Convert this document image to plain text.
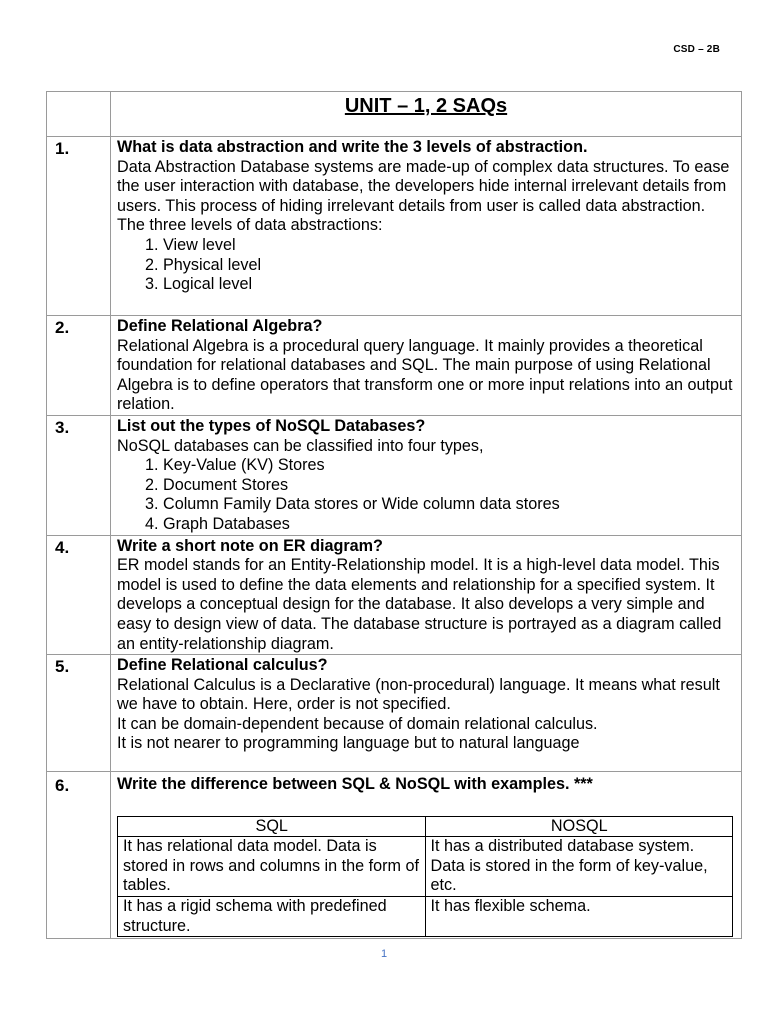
CSD – 2B

UNIT – 1, 2 SAQs

1.	What is data abstraction and write the 3 levels of abstraction.

Data Abstraction Database systems are made-up of complex data structures. To ease the user interaction with database, the developers hide internal irrelevant details from users. This process of hiding irrelevant details from user is called data abstraction.

The three levels of data abstractions:

1. View level
2. Physical level
3. Logical level

2.	Define Relational Algebra?

Relational Algebra is a procedural query language. It mainly provides a theoretical foundation for relational databases and SQL. The main purpose of using Relational Algebra is to define operators that transform one or more input relations into an output relation.

3.	List out the types of NoSQL Databases?

NoSQL databases can be classified into four types,

1. Key-Value (KV) Stores
2. Document Stores
3. Column Family Data stores or Wide column data stores
4. Graph Databases

4.	Write a short note on ER diagram?

ER model stands for an Entity-Relationship model. It is a high-level data model. This model is used to define the data elements and relationship for a specified system. It develops a conceptual design for the database. It also develops a very simple and easy to design view of data. The database structure is portrayed as a diagram called an entity-relationship diagram.

5.	Define Relational calculus?

Relational Calculus is a Declarative (non-procedural) language. It means what result we have to obtain. Here, order is not specified.

It can be domain-dependent because of domain relational calculus.

It is not nearer to programming language but to natural language

6.	Write the difference between SQL & NoSQL with examples. ***
SQL	NOSQL
It has relational data model. Data is stored in rows and columns in the form of tables.	It has a distributed database system. Data is stored in the form of key-value, etc.
It has a rigid schema with predefined structure.	It has flexible schema.
1
